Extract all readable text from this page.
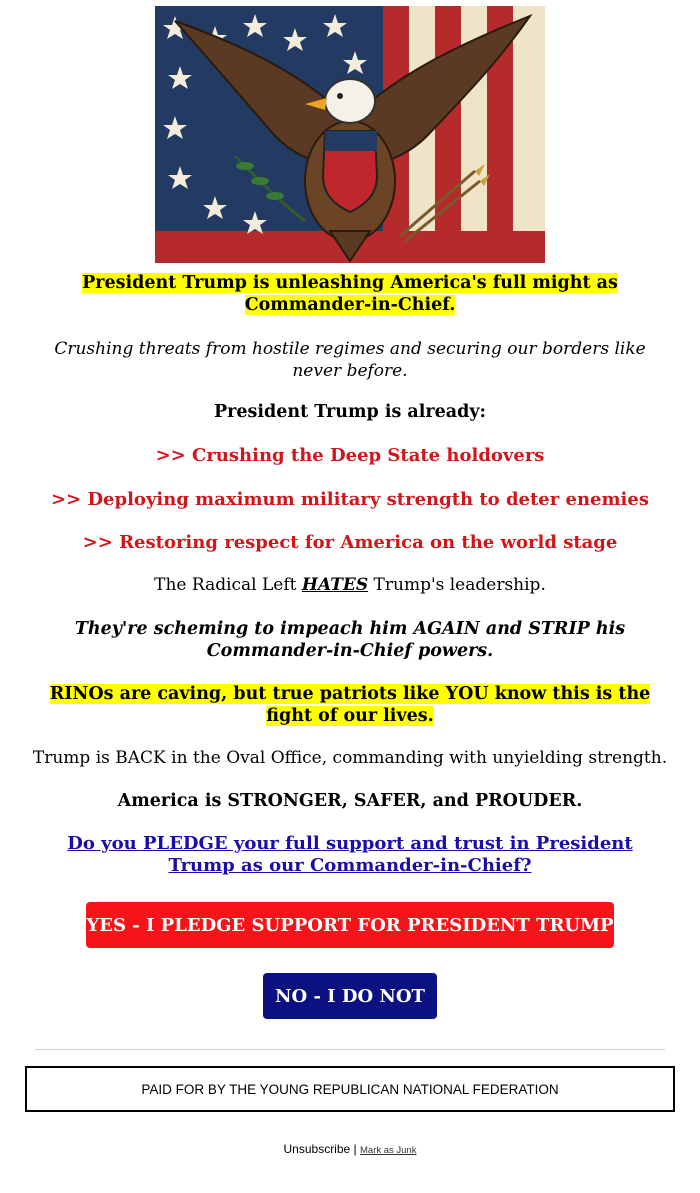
President Trump is unleashing America's full might as Commander-in-Chief.
Crushing threats from hostile regimes and securing our borders like never before.
President Trump is already:
>> Crushing the Deep State holdovers
>> Deploying maximum military strength to deter enemies
>> Restoring respect for America on the world stage
The Radical Left HATES Trump's leadership.
They're scheming to impeach him AGAIN and STRIP his Commander-in-Chief powers.
RINOs are caving, but true patriots like YOU know this is the fight of our lives.
Trump is BACK in the Oval Office, commanding with unyielding strength.
America is STRONGER, SAFER, and PROUDER.
Do you PLEDGE your full support and trust in President Trump as our Commander-in-Chief?
YES - I PLEDGE SUPPORT FOR PRESIDENT TRUMP
NO - I DO NOT
PAID FOR BY THE YOUNG REPUBLICAN NATIONAL FEDERATION
Unsubscribe | Mark as Junk
